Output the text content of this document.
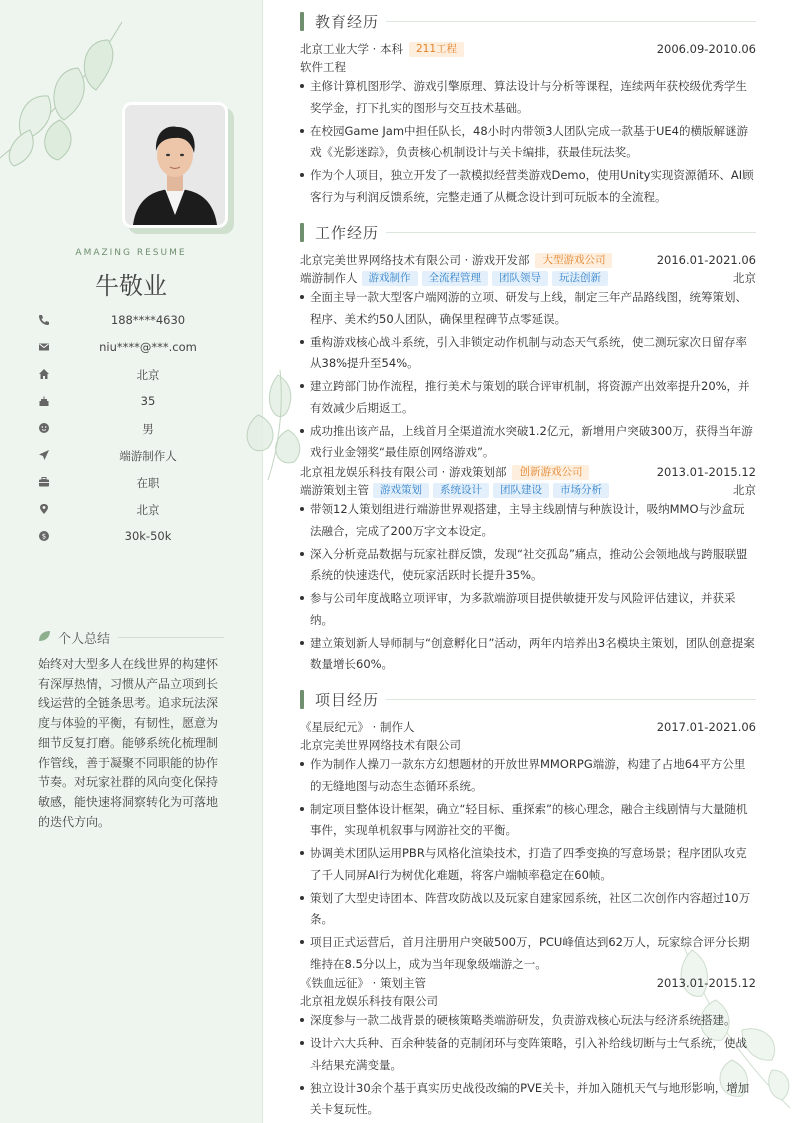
AMAZING RESUME
牛敬业
188****4630
niu****@***.com
北京
35
男
端游制作人
在职
北京
$	30k-50k
个人总结
始终对大型多人在线世界的构建怀有深厚热情，习惯从产品立项到长线运营的全链条思考。追求玩法深度与体验的平衡，有韧性，愿意为细节反复打磨。能够系统化梳理制作管线，善于凝聚不同职能的协作节奏。对玩家社群的风向变化保持敏感，能快速将洞察转化为可落地的迭代方向。
教育经历
北京工业大学 · 本科 211工程	2006.09-2010.06
软件工程
主修计算机图形学、游戏引擎原理、算法设计与分析等课程，连续两年获校级优秀学生奖学金，打下扎实的图形与交互技术基础。
在校园Game Jam中担任队长，48小时内带领3人团队完成一款基于UE4的横版解谜游戏《光影迷踪》，负责核心机制设计与关卡编排，获最佳玩法奖。
作为个人项目，独立开发了一款模拟经营类游戏Demo，使用Unity实现资源循环、AI顾客行为与利润反馈系统，完整走通了从概念设计到可玩版本的全流程。
工作经历
北京完美世界网络技术有限公司 · 游戏开发部 大型游戏公司	2016.01-2021.06
端游制作人 游戏制作 全流程管理 团队领导 玩法创新	北京
全面主导一款大型客户端网游的立项、研发与上线，制定三年产品路线图，统筹策划、程序、美术约50人团队，确保里程碑节点零延误。
重构游戏核心战斗系统，引入非锁定动作机制与动态天气系统，使二测玩家次日留存率从38%提升至54%。
建立跨部门协作流程，推行美术与策划的联合评审机制，将资源产出效率提升20%，并有效减少后期返工。
成功推出该产品，上线首月全渠道流水突破1.2亿元，新增用户突破300万，获得当年游戏行业金翎奖“最佳原创网络游戏”。
北京祖龙娱乐科技有限公司 · 游戏策划部 创新游戏公司	2013.01-2015.12
端游策划主管 游戏策划 系统设计 团队建设 市场分析	北京
带领12人策划组进行端游世界观搭建，主导主线剧情与种族设计，吸纳MMO与沙盒玩法融合，完成了200万字文本设定。
深入分析竞品数据与玩家社群反馈，发现“社交孤岛”痛点，推动公会领地战与跨服联盟系统的快速迭代，使玩家活跃时长提升35%。
参与公司年度战略立项评审，为多款端游项目提供敏捷开发与风险评估建议，并获采纳。
建立策划新人导师制与“创意孵化日”活动，两年内培养出3名模块主策划，团队创意提案数量增长60%。
项目经历
《星辰纪元》 · 制作人	2017.01-2021.06
北京完美世界网络技术有限公司
作为制作人操刀一款东方幻想题材的开放世界MMORPG端游，构建了占地64平方公里的无缝地图与动态生态循环系统。
制定项目整体设计框架，确立“轻目标、重探索”的核心理念，融合主线剧情与大量随机事件，实现单机叙事与网游社交的平衡。
协调美术团队运用PBR与风格化渲染技术，打造了四季变换的写意场景；程序团队攻克了千人同屏AI行为树优化难题，将客户端帧率稳定在60帧。
策划了大型史诗团本、阵营攻防战以及玩家自建家园系统，社区二次创作内容超过10万条。
项目正式运营后，首月注册用户突破500万，PCU峰值达到62万人，玩家综合评分长期维持在8.5分以上，成为当年现象级端游之一。
《铁血远征》 · 策划主管	2013.01-2015.12
北京祖龙娱乐科技有限公司
深度参与一款二战背景的硬核策略类端游研发，负责游戏核心玩法与经济系统搭建。
设计六大兵种、百余种装备的克制闭环与变阵策略，引入补给线切断与士气系统，使战斗结果充满变量。
独立设计30余个基于真实历史战役改编的PVE关卡，并加入随机天气与地形影响，增加关卡复玩性。
